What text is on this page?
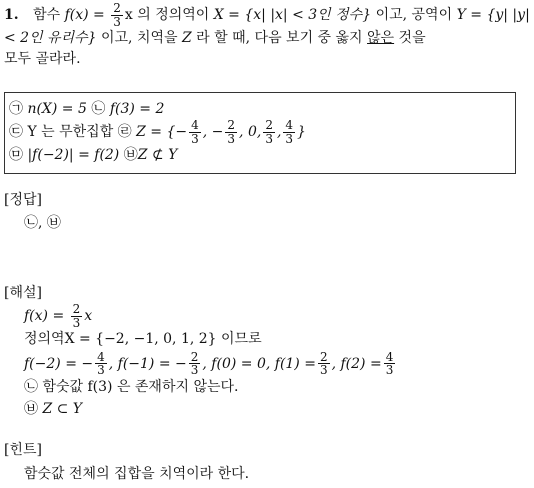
1. 함수 $f(x) = \frac{2}{3}$ x 의 정의역이 X = {x| |x| < 3인 정수} 이고, 공역이 Y = {y| |y| < 2인 유리수} 이고, 치역을 Z 라 할 때, 다음 보기 중 옳지 않은 것을
모두 골라라.
㉠ n(X) = 5 ㉡ f(3) = 2
㉢ Y 는 무한집합 ㉣ Z = {− $\frac{4}{3}$ , − $\frac{2}{3}$ , 0, $\frac{2}{3}$ , $\frac{4}{3}$ }
㉤ |f(−2)| = f(2) ㉥Z ⊄ Y
[정답]
㉡, ㉥
[해설]
$f(x) = \frac{2}{3}$ x
정의역X = {−2, −1, 0, 1, 2} 이므로
f(−2) = − $\frac{4}{3}$ , f(−1) = − $\frac{2}{3}$ , f(0) = 0, $f(1) = \frac{2}{3}$ , $f(2) = \frac{4}{3}$
㉡ 함숫값 f(3) 은 존재하지 않는다.
㉥ Z ⊂ Y
[힌트]
함숫값 전체의 집합을 치역이라 한다.
